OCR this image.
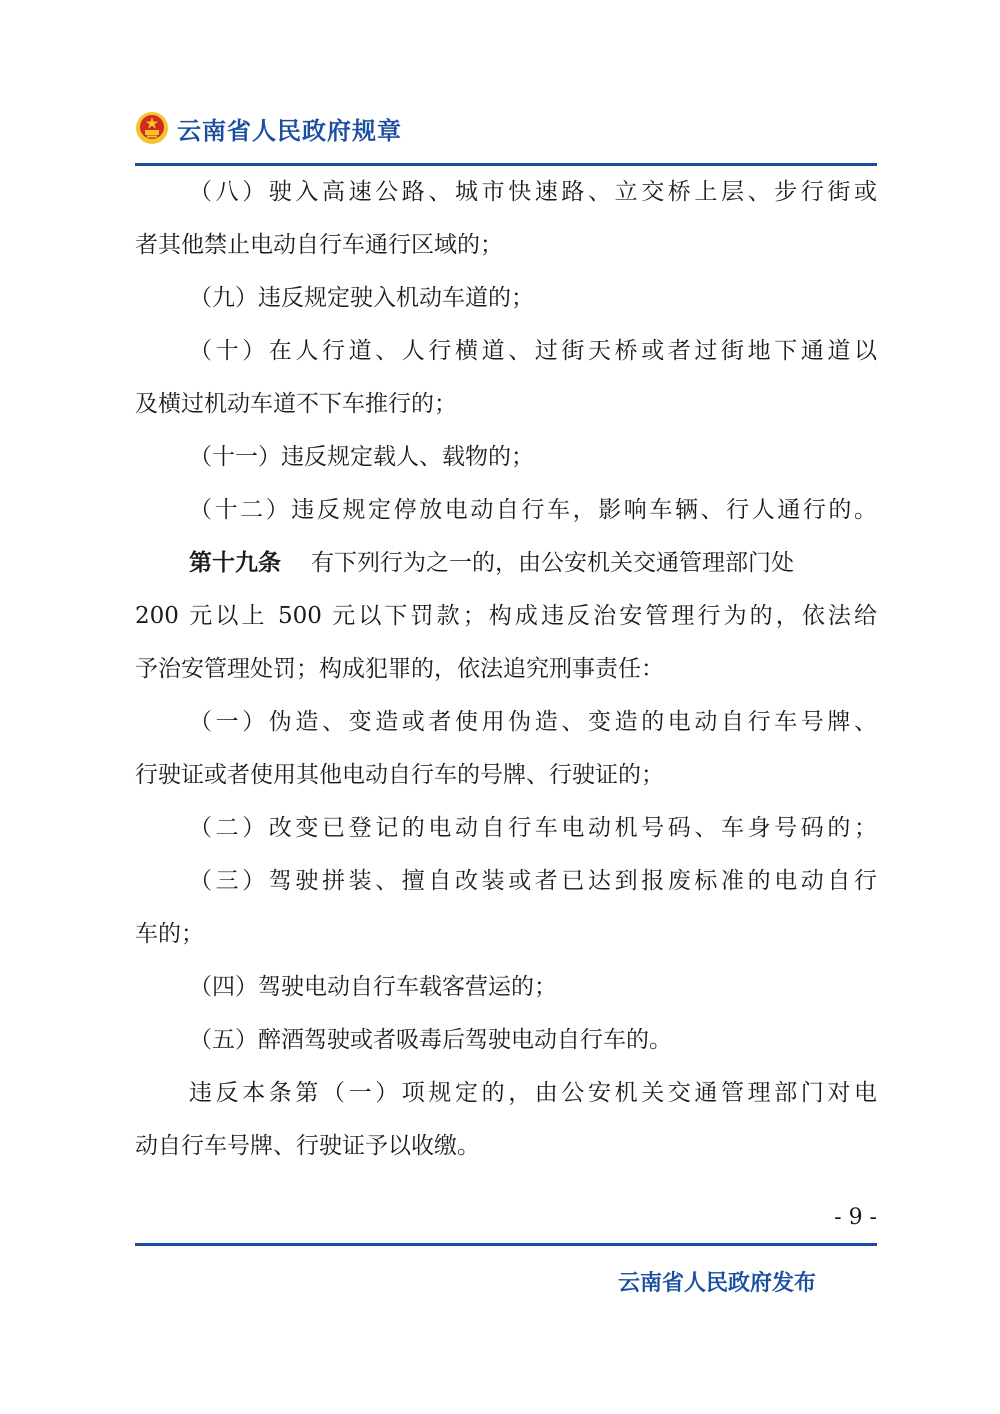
云南省人民政府规章
（八）驶入高速公路、城市快速路、立交桥上层、步行街或
者其他禁止电动自行车通行区域的；
（九）违反规定驶入机动车道的；
（十）在人行道、人行横道、过街天桥或者过街地下通道以
及横过机动车道不下车推行的；
（十一）违反规定载人、载物的；
（十二）违反规定停放电动自行车，影响车辆、行人通行的。
第十九条 有下列行为之一的，由公安机关交通管理部门处
200 元以上 500 元以下罚款；构成违反治安管理行为的，依法给
予治安管理处罚；构成犯罪的，依法追究刑事责任：
（一）伪造、变造或者使用伪造、变造的电动自行车号牌、
行驶证或者使用其他电动自行车的号牌、行驶证的；
（二）改变已登记的电动自行车电动机号码、车身号码的；
（三）驾驶拼装、擅自改装或者已达到报废标准的电动自行
车的；
（四）驾驶电动自行车载客营运的；
（五）醉酒驾驶或者吸毒后驾驶电动自行车的。
违反本条第（一）项规定的，由公安机关交通管理部门对电
动自行车号牌、行驶证予以收缴。
- 9 -
云南省人民政府发布
